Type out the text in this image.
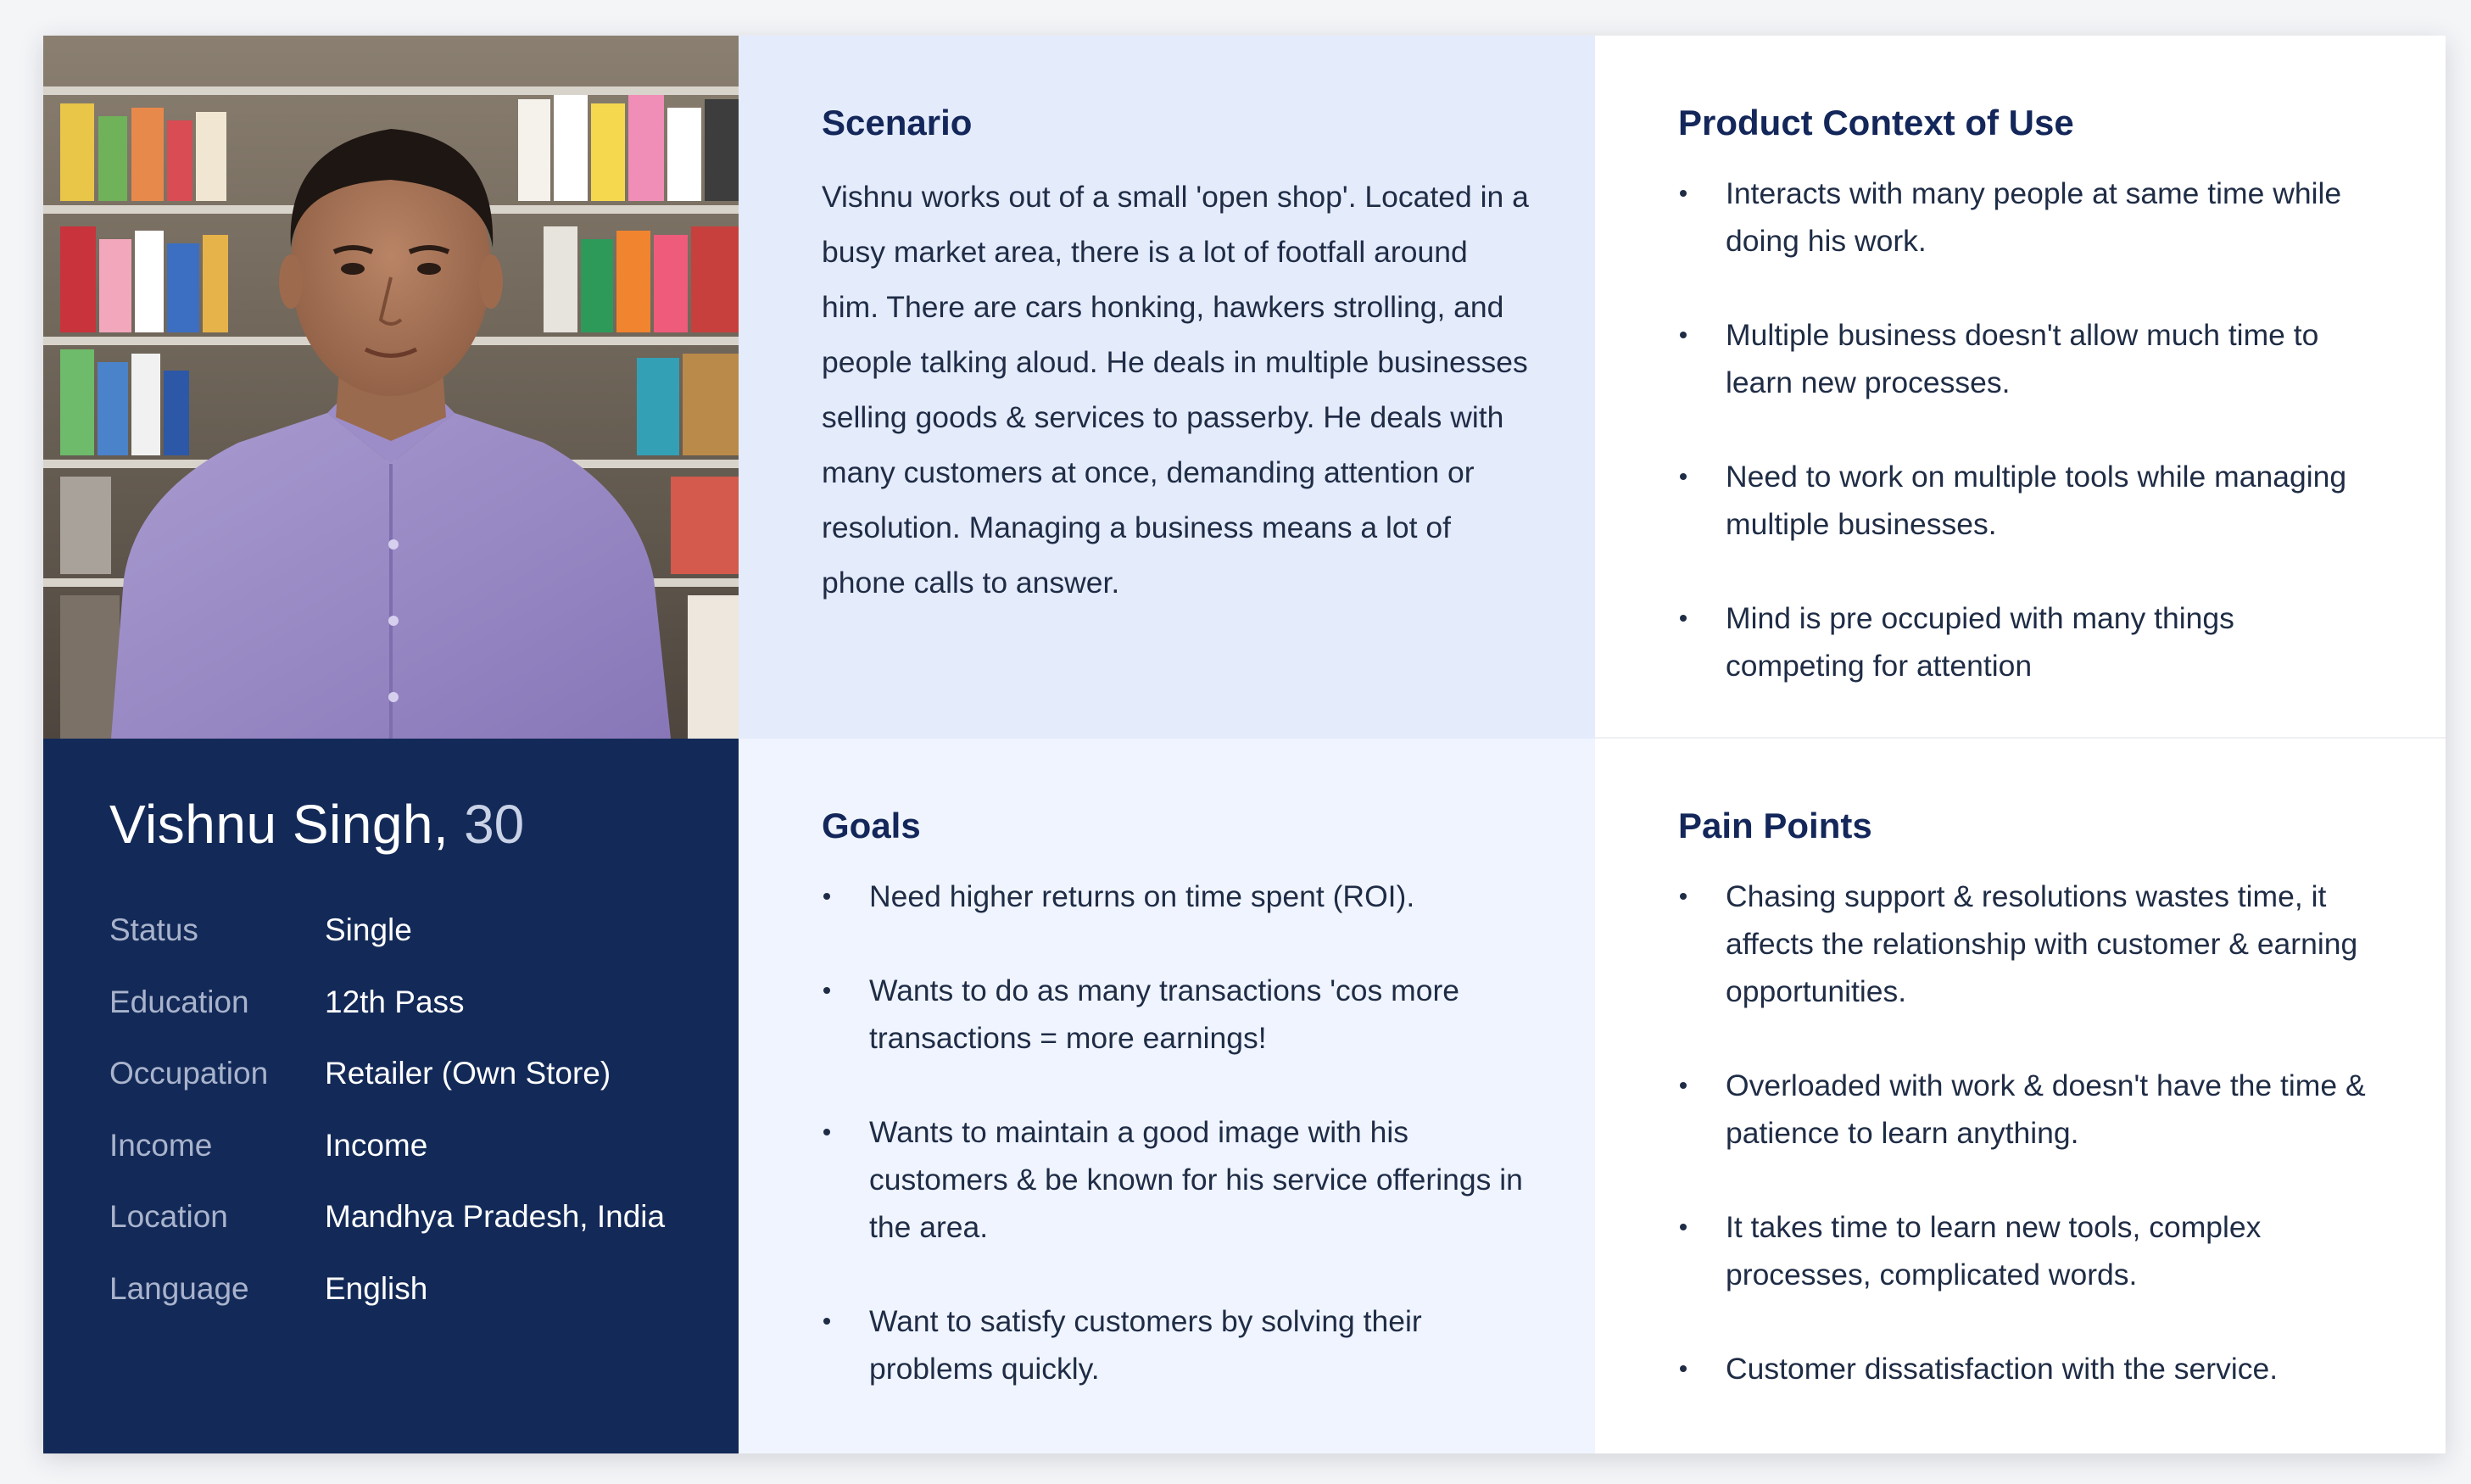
Vishnu Singh, 30
Status	Single
Education	12th Pass
Occupation	Retailer (Own Store)
Income	Income
Location	Mandhya Pradesh, India
Language	English
Scenario

Vishnu works out of a small 'open shop'. Located in a busy market area, there is a lot of footfall around him. There are cars honking, hawkers strolling, and people talking aloud. He deals in multiple businesses selling goods & services to passerby. He deals with many customers at once, demanding attention or resolution. Managing a business means a lot of phone calls to answer.

Product Context of Use
Interacts with many people at same time while doing his work.
Multiple business doesn't allow much time to learn new processes.
Need to work on multiple tools while managing multiple businesses.
Mind is pre occupied with many things competing for attention
Goals
Need higher returns on time spent (ROI).
Wants to do as many transactions 'cos more transactions = more earnings!
Wants to maintain a good image with his customers & be known for his service offerings in the area.
Want to satisfy customers by solving their problems quickly.
Pain Points
Chasing support & resolutions wastes time, it affects the relationship with customer & earning opportunities.
Overloaded with work & doesn't have the time & patience to learn anything.
It takes time to learn new tools, complex processes, complicated words.
Customer dissatisfaction with the service.
